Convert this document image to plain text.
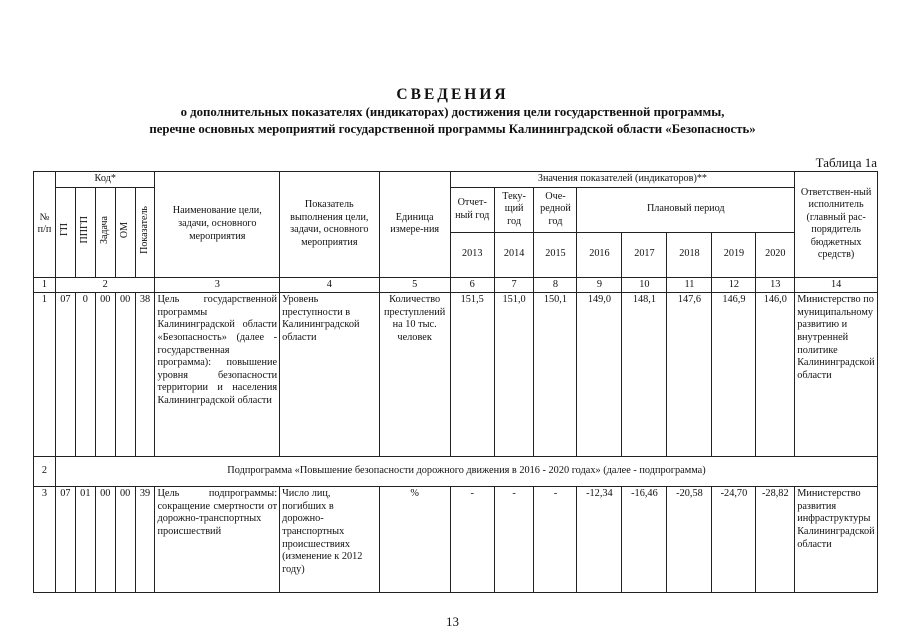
СВЕДЕНИЯ
о дополнительных показателях (индикаторах) достижения цели государственной программы,
перечне основных мероприятий государственной программы Калининградской области «Безопасность»
Таблица 1а
№ п/п	Код*					Наименование цели, задачи, основного мероприятия	Показатель выполнения цели, задачи, основного мероприятия	Единица измере-ния	Значения показателей (индикаторов)**								Ответствен-ный исполнитель (главный рас-порядитель бюджетных средств)
	ГП	ППГП	Задача	ОМ	Показатель				Отчет-ный год	Теку-щий год	Оче-редной год	Плановый период					
									2013	2014	2015	2016	2017	2018	2019	2020	
1	2					3	4	5	6	7	8	9	10	11	12	13	14
1	07	0	00	00	38	Цель государственной программы Калининградской области «Безопасность» (далее - государственная программа): повышение уровня безопасности территории и населения Калининградской области	Уровень преступности в Калининградской области	Количество преступлений на 10 тыс. человек	151,5	151,0	150,1	149,0	148,1	147,6	146,9	146,0	Министерство по муниципальному развитию и внутренней политике Калининградской области
2	Подпрограмма «Повышение безопасности дорожного движения в 2016 - 2020 годах» (далее - подпрограмма)																
3	07	01	00	00	39	Цель подпрограммы: сокращение смертности от дорожно-транспортных происшествий	Число лиц, погибших в дорожно-транспортных происшествиях (изменение к 2012 году)	%	-	-	-	-12,34	-16,46	-20,58	-24,70	-28,82	Министерство развития инфраструктуры Калининградской области
13
